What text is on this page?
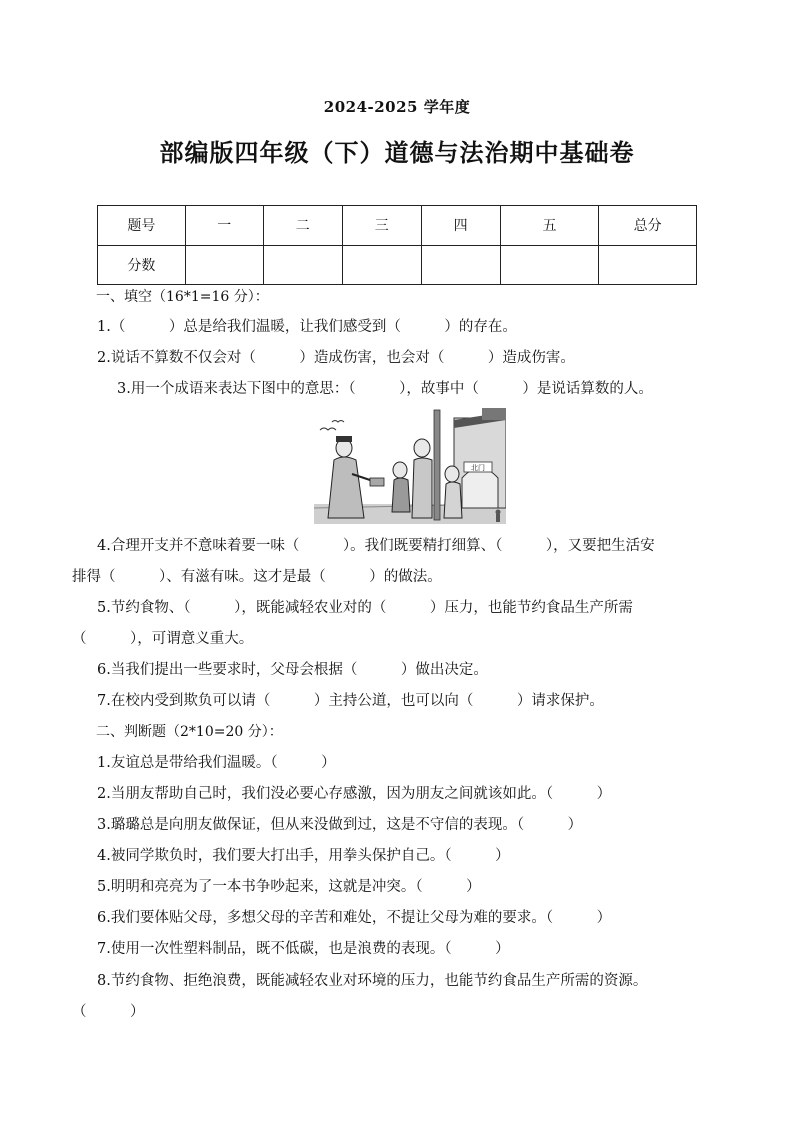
2024-2025 学年度
部编版四年级（下）道德与法治期中基础卷
题号	一	二	三	四	五	总分
分数						
一、填空（16*1=16 分）：
1.（　　　）总是给我们温暖，让我们感受到（　　　）的存在。
2.说话不算数不仅会对（　　　）造成伤害，也会对（　　　）造成伤害。
3.用一个成语来表达下图中的意思：（　　　），故事中（　　　）是说话算数的人。
北门
4.合理开支并不意味着要一味（　　　）。我们既要精打细算、（　　　），又要把生活安
排得（　　　）、有滋有味。这才是最（　　　）的做法。
5.节约食物、（　　　），既能减轻农业对的（　　　）压力，也能节约食品生产所需
（　　　），可谓意义重大。
6.当我们提出一些要求时，父母会根据（　　　）做出决定。
7.在校内受到欺负可以请（　　　）主持公道，也可以向（　　　）请求保护。
二、判断题（2*10=20 分）：
1.友谊总是带给我们温暖。（　　　）
2.当朋友帮助自己时，我们没必要心存感激，因为朋友之间就该如此。（　　　）
3.璐璐总是向朋友做保证，但从来没做到过，这是不守信的表现。（　　　）
4.被同学欺负时，我们要大打出手，用拳头保护自己。（　　　）
5.明明和亮亮为了一本书争吵起来，这就是冲突。（　　　）
6.我们要体贴父母，多想父母的辛苦和难处，不提让父母为难的要求。（　　　）
7.使用一次性塑料制品，既不低碳，也是浪费的表现。（　　　）
8.节约食物、拒绝浪费，既能减轻农业对环境的压力，也能节约食品生产所需的资源。
（　　　）
